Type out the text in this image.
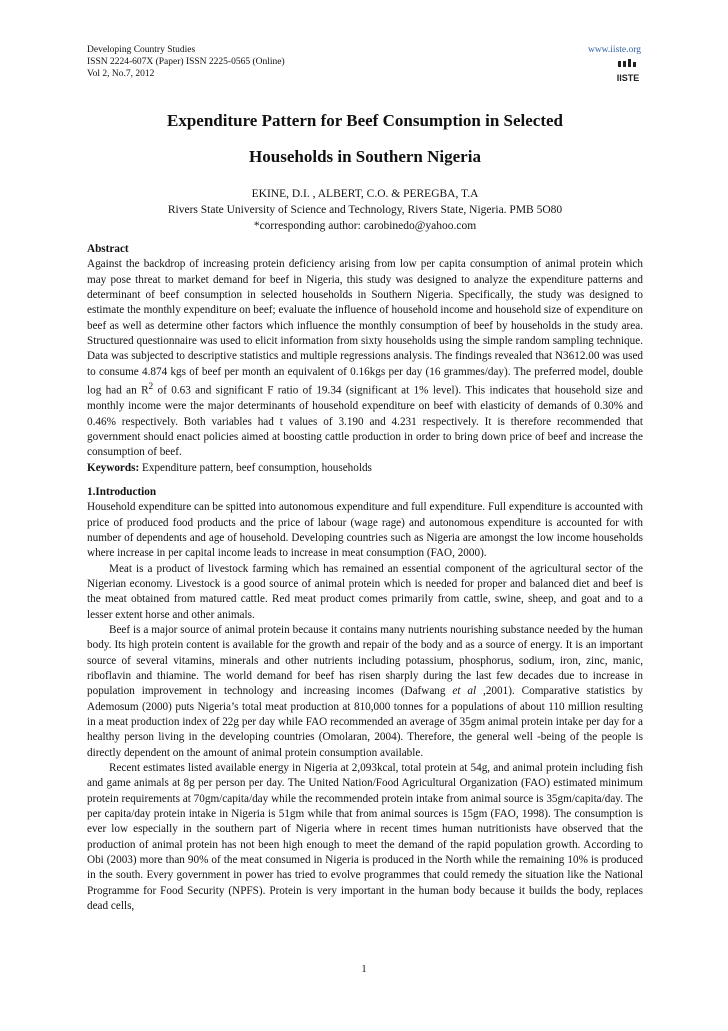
Developing Country Studies
ISSN 2224-607X (Paper) ISSN 2225-0565 (Online)
Vol 2, No.7, 2012
www.iiste.org
IISTE
Expenditure Pattern for Beef Consumption in Selected
Households in Southern Nigeria
EKINE, D.I. , ALBERT, C.O. & PEREGBA, T.A
Rivers State University of Science and Technology, Rivers State, Nigeria. PMB 5O80
*corresponding author: carobinedo@yahoo.com

Abstract

Against the backdrop of increasing protein deficiency arising from low per capita consumption of animal protein which may pose threat to market demand for beef in Nigeria, this study was designed to analyze the expenditure patterns and determinant of beef consumption in selected households in Southern Nigeria. Specifically, the study was designed to estimate the monthly expenditure on beef; evaluate the influence of household income and household size of expenditure on beef as well as determine other factors which influence the monthly consumption of beef by households in the study area. Structured questionnaire was used to elicit information from sixty households using the simple random sampling technique. Data was subjected to descriptive statistics and multiple regressions analysis. The findings revealed that N3612.00 was used to consume 4.874 kgs of beef per month an equivalent of 0.16kgs per day (16 grammes/day). The preferred model, double log had an $R^2$ of 0.63 and significant F ratio of 19.34 (significant at 1% level). This indicates that household size and monthly income were the major determinants of household expenditure on beef with elasticity of demands of 0.30% and 0.46% respectively. Both variables had t values of 3.190 and 4.231 respectively. It is therefore recommended that government should enact policies aimed at boosting cattle production in order to bring down price of beef and increase the consumption of beef.

Keywords: Expenditure pattern, beef consumption, households

1.Introduction

Household expenditure can be spitted into autonomous expenditure and full expenditure. Full expenditure is accounted with price of produced food products and the price of labour (wage rage) and autonomous expenditure is accounted for with number of dependents and age of household. Developing countries such as Nigeria are amongst the low income households where increase in per capital income leads to increase in meat consumption (FAO, 2000).

Meat is a product of livestock farming which has remained an essential component of the agricultural sector of the Nigerian economy. Livestock is a good source of animal protein which is needed for proper and balanced diet and beef is the meat obtained from matured cattle. Red meat product comes primarily from cattle, swine, sheep, and goat and to a lesser extent horse and other animals.

Beef is a major source of animal protein because it contains many nutrients nourishing substance needed by the human body. Its high protein content is available for the growth and repair of the body and as a source of energy. It is an important source of several vitamins, minerals and other nutrients including potassium, phosphorus, sodium, iron, zinc, manic, riboflavin and thiamine. The world demand for beef has risen sharply during the last few decades due to increase in population improvement in technology and increasing incomes (Dafwang et al ,2001). Comparative statistics by Ademosum (2000) puts Nigeria’s total meat production at 810,000 tonnes for a populations of about 110 million resulting in a meat production index of 22g per day while FAO recommended an average of 35gm animal protein intake per day for a healthy person living in the developing countries (Omolaran, 2004). Therefore, the general well -being of the people is directly dependent on the amount of animal protein consumption available.

Recent estimates listed available energy in Nigeria at 2,093kcal, total protein at 54g, and animal protein including fish and game animals at 8g per person per day. The United Nation/Food Agricultural Organization (FAO) estimated minimum protein requirements at 70gm/capita/day while the recommended protein intake from animal source is 35gm/capita/day. The per capita/day protein intake in Nigeria is 51gm while that from animal sources is 15gm (FAO, 1998). The consumption is ever low especially in the southern part of Nigeria where in recent times human nutritionists have observed that the production of animal protein has not been high enough to meet the demand of the rapid population growth. According to Obi (2003) more than 90% of the meat consumed in Nigeria is produced in the North while the remaining 10% is produced in the south. Every government in power has tried to evolve programmes that could remedy the situation like the National Programme for Food Security (NPFS). Protein is very important in the human body because it builds the body, replaces dead cells,

1
